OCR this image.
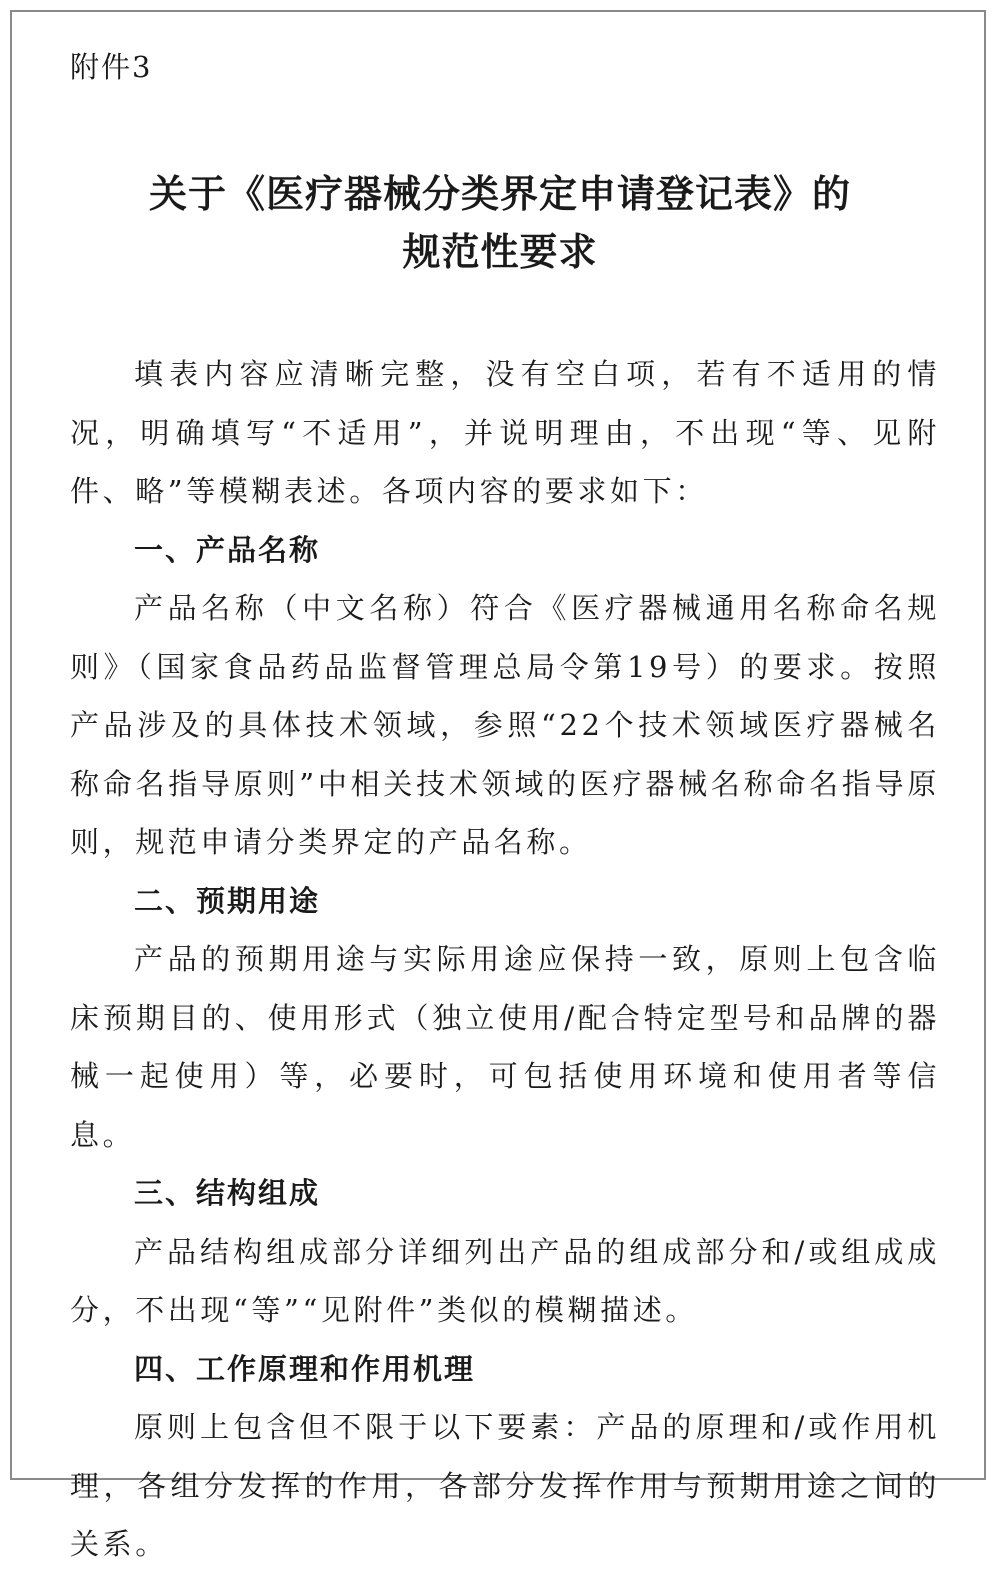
附件3
关于《医疗器械分类界定申请登记表》的
规范性要求

填表内容应清晰完整，没有空白项，若有不适用的情况，明确填写“不适用”，并说明理由，不出现“等、见附件、略”等模糊表述。各项内容的要求如下：

一、产品名称

产品名称（中文名称）符合《医疗器械通用名称命名规则》（国家食品药品监督管理总局令第19号）的要求。按照产品涉及的具体技术领域，参照“22个技术领域医疗器械名称命名指导原则”中相关技术领域的医疗器械名称命名指导原则，规范申请分类界定的产品名称。

二、预期用途

产品的预期用途与实际用途应保持一致，原则上包含临床预期目的、使用形式（独立使用/配合特定型号和品牌的器械一起使用）等，必要时，可包括使用环境和使用者等信息。

三、结构组成

产品结构组成部分详细列出产品的组成部分和/或组成成分，不出现“等”“见附件”类似的模糊描述。

四、工作原理和作用机理

原则上包含但不限于以下要素：产品的原理和/或作用机理，各组分发挥的作用，各部分发挥作用与预期用途之间的关系。
